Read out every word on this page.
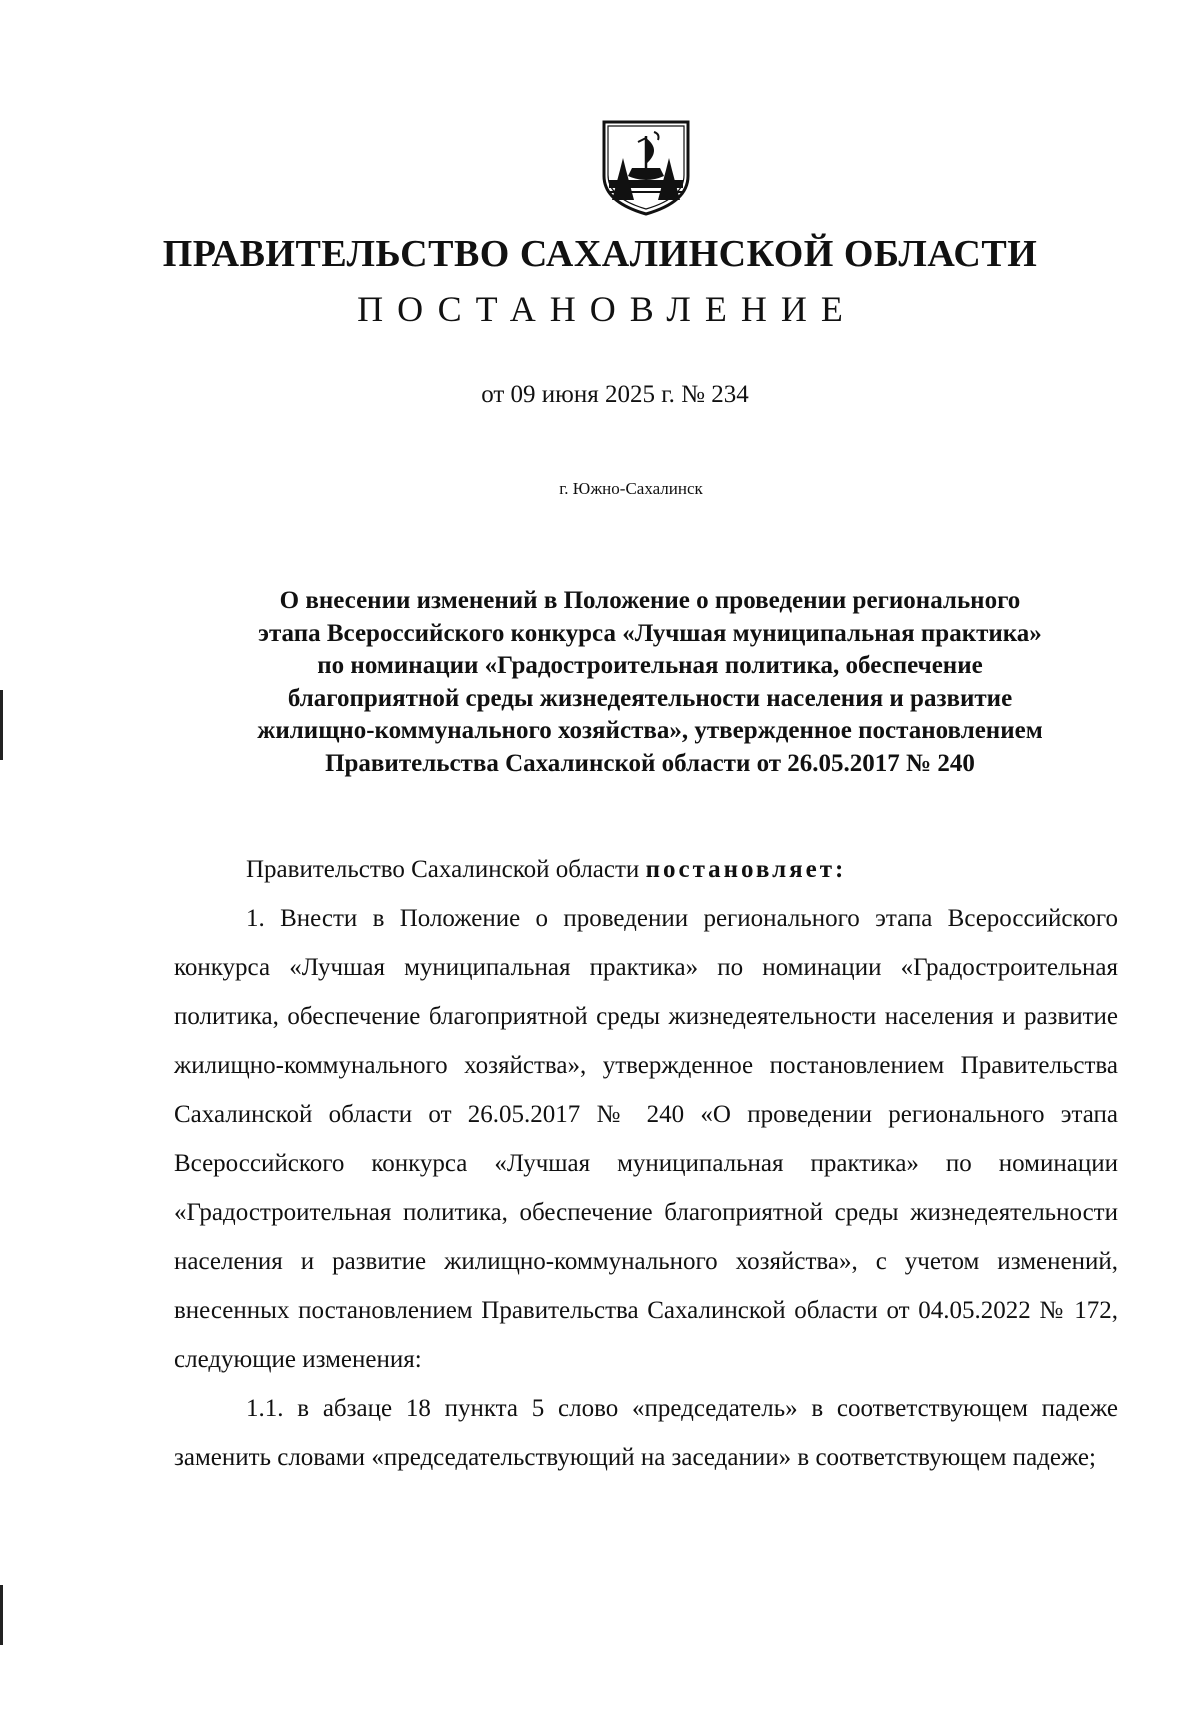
ПРАВИТЕЛЬСТВО САХАЛИНСКОЙ ОБЛАСТИ
ПОСТАНОВЛЕНИЕ
от 09 июня 2025 г. № 234
г. Южно-Сахалинск
О внесении изменений в Положение о проведении регионального
этапа Всероссийского конкурса «Лучшая муниципальная практика»
по номинации «Градостроительная политика, обеспечение
благоприятной среды жизнедеятельности населения и развитие
жилищно-коммунального хозяйства», утвержденное постановлением
Правительства Сахалинской области от 26.05.2017 № 240

Правительство Сахалинской области постановляет:

1. Внести в Положение о проведении регионального этапа Всероссийского конкурса «Лучшая муниципальная практика» по номинации «Градостроительная политика, обеспечение благоприятной среды жизнедеятельности населения и развитие жилищно-коммунального хозяйства», утвержденное постановлением Правительства Сахалинской области от 26.05.2017 № 240 «О проведении регионального этапа Всероссийского конкурса «Лучшая муниципальная практика» по номинации «Градостроительная политика, обеспечение благоприятной среды жизнедеятельности населения и развитие жилищно-коммунального хозяйства», с учетом изменений, внесенных постановлением Правительства Сахалинской области от 04.05.2022 № 172, следующие изменения:

1.1. в абзаце 18 пункта 5 слово «председатель» в соответствующем падеже заменить словами «председательствующий на заседании» в соответствующем падеже;
